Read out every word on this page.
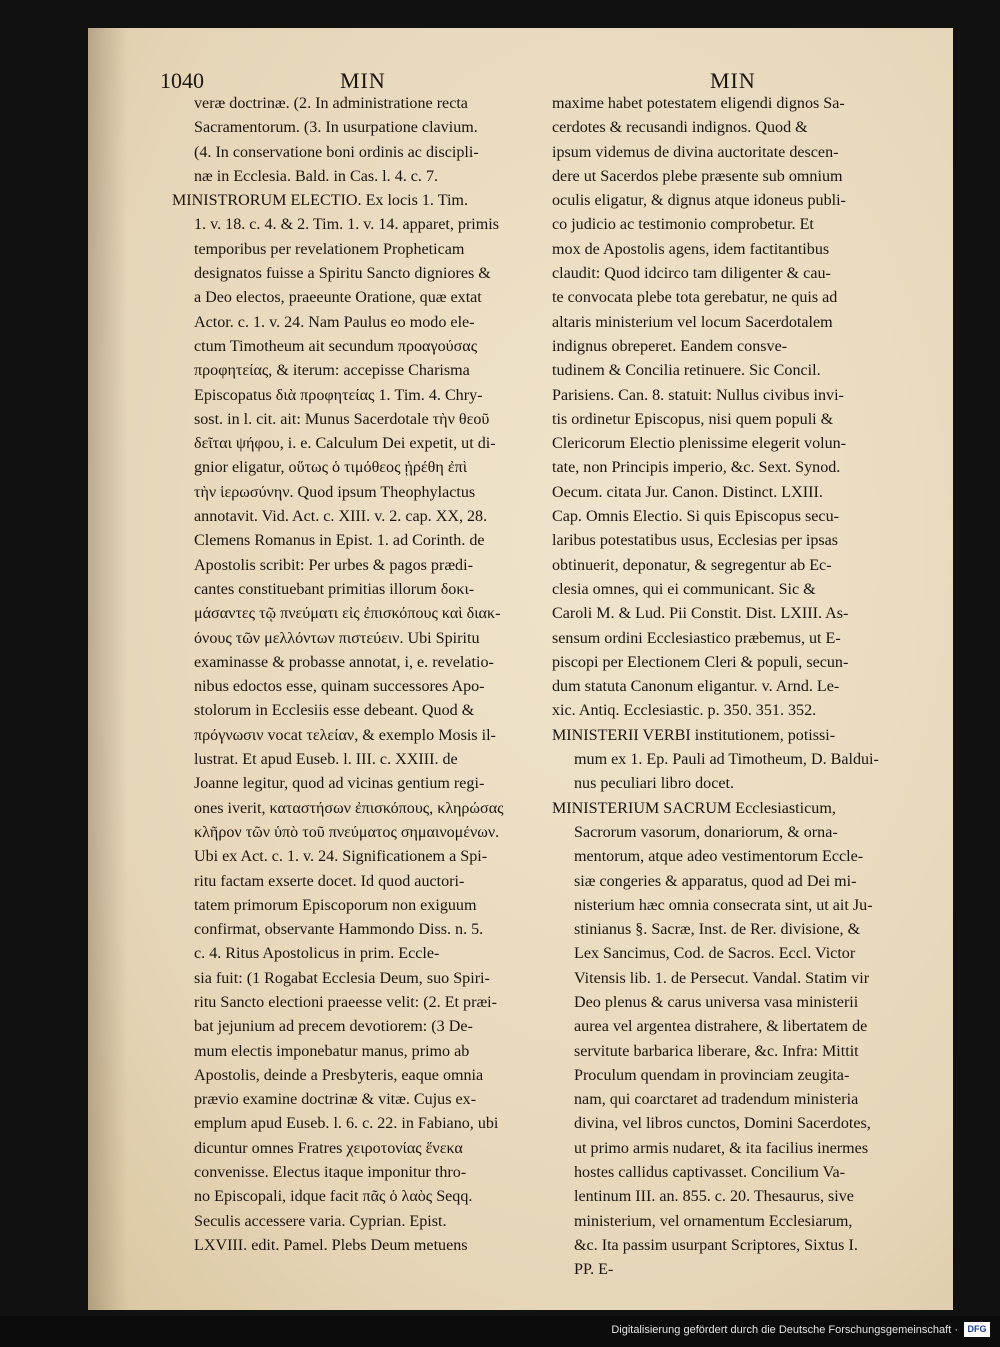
1040	MIN	MIN
veræ doctrinæ. (2. In administratione recta
Sacramentorum. (3. In usurpatione clavium.
(4. In conservatione boni ordinis ac discipli-
næ in Ecclesia. Bald. in Cas. l. 4. c. 7.
MINISTRORUM ELECTIO. Ex locis 1. Tim.
1. v. 18. c. 4. & 2. Tim. 1. v. 14. apparet, primis
temporibus per revelationem Propheticam
designatos fuisse a Spiritu Sancto digniores &
a Deo electos, praeeunte Oratione, quæ extat
Actor. c. 1. v. 24. Nam Paulus eo modo ele-
ctum Timotheum ait secundum προαγούσας
προφητείας, & iterum: accepisse Charisma
Episcopatus διὰ προφητείας 1. Tim. 4. Chry-
sost. in l. cit. ait: Munus Sacerdotale τὴν θεοῦ
δεῖται ψήφου, i. e. Calculum Dei expetit, ut di-
gnior eligatur, οὕτως ὁ τιμόθεος ᾑρέθη ἐπὶ
τὴν ἱερωσύνην. Quod ipsum Theophylactus
annotavit. Vid. Act. c. XIII. v. 2. cap. XX, 28.
Clemens Romanus in Epist. 1. ad Corinth. de
Apostolis scribit: Per urbes & pagos prædi-
cantes constituebant primitias illorum δοκι-
μάσαντες τῷ πνεύματι εἰς ἐπισκόπους καὶ διακ-
όνους τῶν μελλόντων πιστεύειν. Ubi Spiritu
examinasse & probasse annotat, i, e. revelatio-
nibus edoctos esse, quinam successores Apo-
stolorum in Ecclesiis esse debeant. Quod &
πρόγνωσιν vocat τελείαν, & exemplo Mosis il-
lustrat. Et apud Euseb. l. III. c. XXIII. de
Joanne legitur, quod ad vicinas gentium regi-
ones iverit, καταστήσων ἐπισκόπους, κληρώσας
κλῆρον τῶν ὑπὸ τοῦ πνεύματος σημαινομένων.
Ubi ex Act. c. 1. v. 24. Significationem a Spi-
ritu factam exserte docet. Id quod auctori-
tatem primorum Episcoporum non exiguum
confirmat, observante Hammondo Diss. n. 5.
c. 4. Ritus Apostolicus in prim. Eccle-
sia fuit: (1 Rogabat Ecclesia Deum, suo Spiri-
ritu Sancto electioni praeesse velit: (2. Et præi-
bat jejunium ad precem devotiorem: (3 De-
mum electis imponebatur manus, primo ab
Apostolis, deinde a Presbyteris, eaque omnia
prævio examine doctrinæ & vitæ. Cujus ex-
emplum apud Euseb. l. 6. c. 22. in Fabiano, ubi
dicuntur omnes Fratres χειροτονίας ἕνεκα
convenisse. Electus itaque imponitur thro-
no Episcopali, idque facit πᾶς ὁ λαὸς Seqq.
Seculis accessere varia. Cyprian. Epist.
LXVIII. edit. Pamel. Plebs Deum metuens
maxime habet potestatem eligendi dignos Sa-
cerdotes & recusandi indignos. Quod &
ipsum videmus de divina auctoritate descen-
dere ut Sacerdos plebe præsente sub omnium
oculis eligatur, & dignus atque idoneus publi-
co judicio ac testimonio comprobetur. Et
mox de Apostolis agens, idem factitantibus
claudit: Quod idcirco tam diligenter & cau-
te convocata plebe tota gerebatur, ne quis ad
altaris ministerium vel locum Sacerdotalem
indignus obreperet. Eandem consve-
tudinem & Concilia retinuere. Sic Concil.
Parisiens. Can. 8. statuit: Nullus civibus invi-
tis ordinetur Episcopus, nisi quem populi &
Clericorum Electio plenissime elegerit volun-
tate, non Principis imperio, &c. Sext. Synod.
Oecum. citata Jur. Canon. Distinct. LXIII.
Cap. Omnis Electio. Si quis Episcopus secu-
laribus potestatibus usus, Ecclesias per ipsas
obtinuerit, deponatur, & segregentur ab Ec-
clesia omnes, qui ei communicant. Sic &
Caroli M. & Lud. Pii Constit. Dist. LXIII. As-
sensum ordini Ecclesiastico præbemus, ut E-
piscopi per Electionem Cleri & populi, secun-
dum statuta Canonum eligantur. v. Arnd. Le-
xic. Antiq. Ecclesiastic. p. 350. 351. 352.
MINISTERII VERBI institutionem, potissi-
mum ex 1. Ep. Pauli ad Timotheum, D. Baldui-
nus peculiari libro docet.
MINISTERIUM SACRUM Ecclesiasticum,
Sacrorum vasorum, donariorum, & orna-
mentorum, atque adeo vestimentorum Eccle-
siæ congeries & apparatus, quod ad Dei mi-
nisterium hæc omnia consecrata sint, ut ait Ju-
stinianus §. Sacræ, Inst. de Rer. divisione, &
Lex Sancimus, Cod. de Sacros. Eccl. Victor
Vitensis lib. 1. de Persecut. Vandal. Statim vir
Deo plenus & carus universa vasa ministerii
aurea vel argentea distrahere, & libertatem de
servitute barbarica liberare, &c. Infra: Mittit
Proculum quendam in provinciam zeugita-
nam, qui coarctaret ad tradendum ministeria
divina, vel libros cunctos, Domini Sacerdotes,
ut primo armis nudaret, & ita facilius inermes
hostes callidus captivasset. Concilium Va-
lentinum III. an. 855. c. 20. Thesaurus, sive
ministerium, vel ornamentum Ecclesiarum,
&c. Ita passim usurpant Scriptores, Sixtus I.
PP. E-
Digitalisierung gefördert durch die Deutsche Forschungsgemeinschaft ·	DFG
